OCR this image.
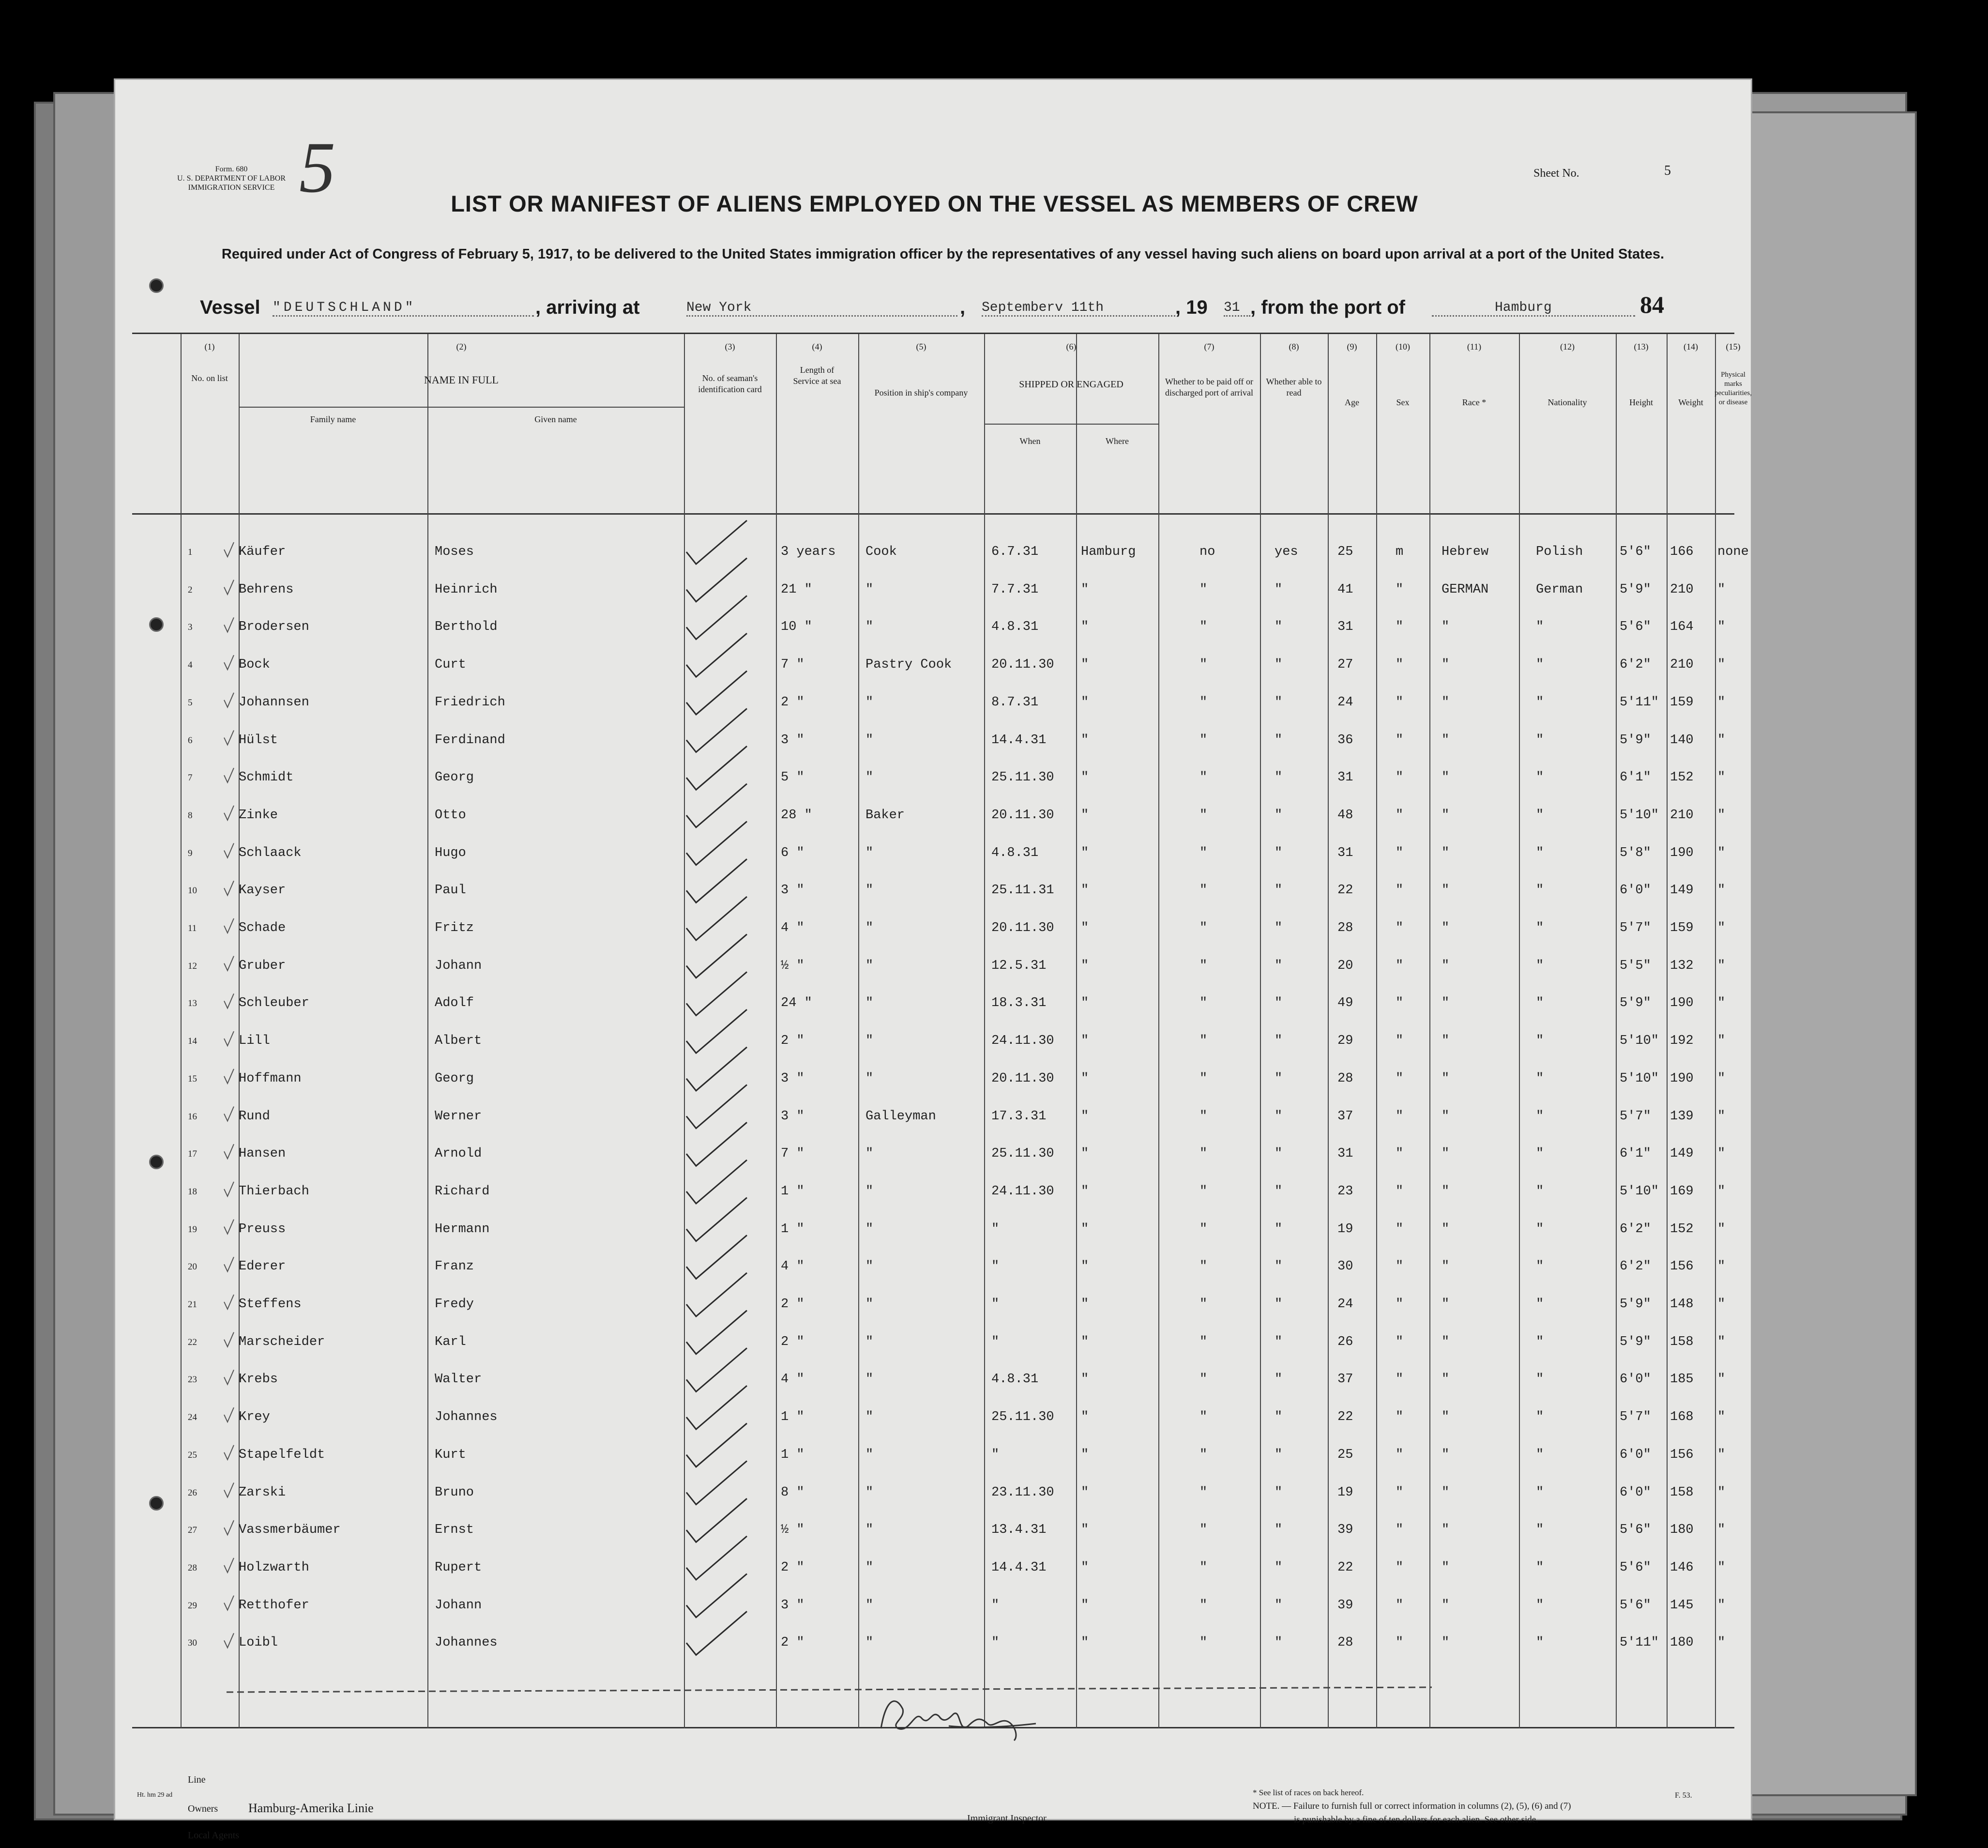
Form. 680
U. S. DEPARTMENT OF LABOR
IMMIGRATION SERVICE 5	Sheet No.	5
LIST OR MANIFEST OF ALIENS EMPLOYED ON THE VESSEL AS MEMBERS OF CREW
Required under Act of Congress of February 5, 1917, to be delivered to the United States immigration officer by the representatives of any vessel having such aliens on board upon arrival at a port of the United States.
Vessel "DEUTSCHLAND"	, arriving at	New York	, Septemberv 11th	, 19 31 , from the port of	Hamburg	84
(1)
No. on list
(2)
NAME IN FULL
Family name	Given name
(3)
No. of seaman's identification card
(4)
Length of Service at sea
(5)
Position in ship's company
(6)
SHIPPED OR ENGAGED
When	Where
(7)
Whether to be paid off or discharged port of arrival
(8)
Whether able to read
(9)
Age
(10)
Sex
(11)
Race *
(12)
Nationality
(13)
Height
(14)
Weight
(15)
Physical marks peculiarities, or disease
1	Käufer	Moses	3 years Cook	6.7.31	Hamburg	no	yes	25	m	Hebrew	Polish	5'6" 166 none
2	Behrens	Heinrich	21 "	"	7.7.31	"	"	"	41	"	GERMAN	German	5'9" 210 "
3	Brodersen	Berthold	10 "	"	4.8.31	"	"	"	31	"	"	"	5'6" 164 "
4	Bock	Curt	7 "	Pastry Cook	20.11.30 "	"	"	27	"	"	"	6'2" 210 "
5	Johannsen	Friedrich	2 "	"	8.7.31	"	"	"	24	"	"	"	5'11" 159 "
6	Hülst	Ferdinand	3 "	"	14.4.31	"	"	"	36	"	"	"	5'9" 140 "
7	Schmidt	Georg	5 "	"	25.11.30 "	"	"	31	"	"	"	6'1" 152 "
8	Zinke	Otto	28 "	Baker	20.11.30 "	"	"	48	"	"	"	5'10" 210 "
9	Schlaack	Hugo	6 "	"	4.8.31	"	"	"	31	"	"	"	5'8" 190 "
10	Kayser	Paul	3 "	"	25.11.31 "	"	"	22	"	"	"	6'0" 149 "
11	Schade	Fritz	4 "	"	20.11.30 "	"	"	28	"	"	"	5'7" 159 "
12	Gruber	Johann	½ "	"	12.5.31	"	"	"	20	"	"	"	5'5" 132 "
13	Schleuber	Adolf	24 "	"	18.3.31	"	"	"	49	"	"	"	5'9" 190 "
14	Lill	Albert	2 "	"	24.11.30 "	"	"	29	"	"	"	5'10" 192 "
15	Hoffmann	Georg	3 "	"	20.11.30 "	"	"	28	"	"	"	5'10" 190 "
16	Rund	Werner	3 "	Galleyman	17.3.31	"	"	"	37	"	"	"	5'7" 139 "
17	Hansen	Arnold	7 "	"	25.11.30 "	"	"	31	"	"	"	6'1" 149 "
18	Thierbach	Richard	1 "	"	24.11.30 "	"	"	23	"	"	"	5'10" 169 "
19	Preuss	Hermann	1 "	"	"	"	"	"	19	"	"	"	6'2" 152 "
20	Ederer	Franz	4 "	"	"	"	"	"	30	"	"	"	6'2" 156 "
21	Steffens	Fredy	2 "	"	"	"	"	"	24	"	"	"	5'9" 148 "
22	Marscheider	Karl	2 "	"	"	"	"	"	26	"	"	"	5'9" 158 "
23	Krebs	Walter	4 "	"	4.8.31	"	"	"	37	"	"	"	6'0" 185 "
24	Krey	Johannes	1 "	"	25.11.30 "	"	"	22	"	"	"	5'7" 168 "
25	Stapelfeldt	Kurt	1 "	"	"	"	"	"	25	"	"	"	6'0" 156 "
26	Zarski	Bruno	8 "	"	23.11.30 "	"	"	19	"	"	"	6'0" 158 "
27	Vassmerbäumer	Ernst	½ "	"	13.4.31	"	"	"	39	"	"	"	5'6" 180 "
28	Holzwarth	Rupert	2 "	"	14.4.31	"	"	"	22	"	"	"	5'6" 146 "
29	Retthofer	Johann	3 "	"	"	"	"	"	39	"	"	"	5'6" 145 "
30	Loibl	Johannes	2 "	"	"	"	"	"	28	"	"	"	5'11" 180 "
Line
Owners Hamburg-Amerika Linie
Local Agents
Immigrant Inspector.
* See list of races on back hereof.
NOTE. — Failure to furnish full or correct information in columns (2), (5), (6) and (7)
is punishable by a fine of ten dollars for each alien. See other side.
Ht. hm 29 ad	F. 53.
